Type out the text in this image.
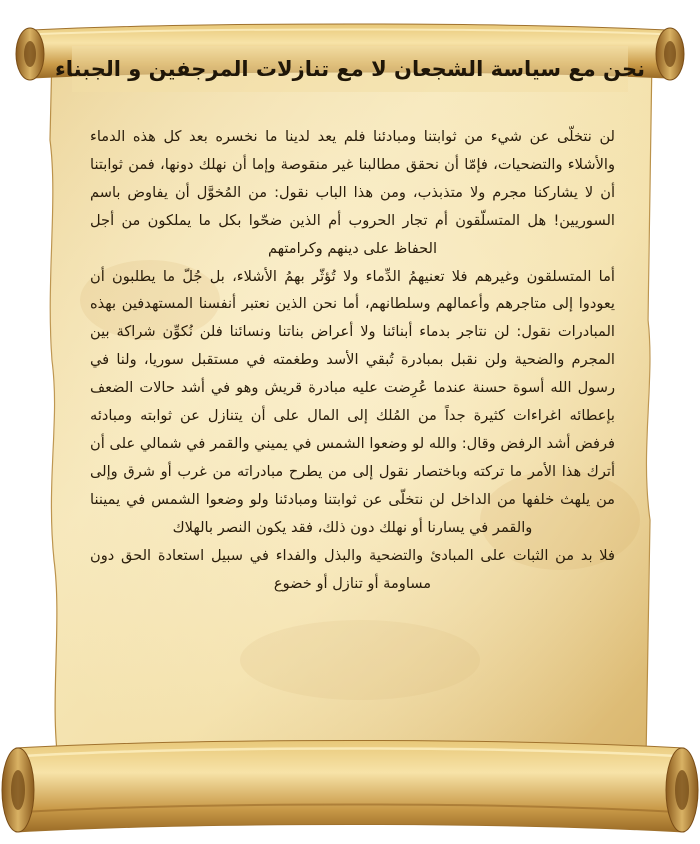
نحن مع سياسة الشجعان لا مع تنازلات المرجفين و الجبناء

لن نتخلّى عن شيء من ثوابتنا ومبادئنا فلم يعد لدينا ما نخسره بعد كل هذه الدماء والأشلاء والتضحيات، فإمّا أن نحقق مطالبنا غير منقوصة وإما أن نهلك دونها، فمن ثوابتنا أن لا يشاركنا مجرم ولا متذبذب، ومن هذا الباب نقول: من المُخوَّل أن يفاوض باسم السوريين! هل المتسلّقون أم تجار الحروب أم الذين ضحّوا بكل ما يملكون من أجل الحفاظ على دينهم وكرامتهم

أما المتسلقون وغيرهم فلا تعنيهمُ الدِّماء ولا تُؤثّر بهمُ الأشلاء، بل جُلّ ما يطلبون أن يعودوا إلى متاجرهم وأعمالهم وسلطانهم، أما نحن الذين نعتبر أنفسنا المستهدفين بهذه المبادرات نقول: لن نتاجر بدماء أبنائنا ولا أعراض بناتنا ونسائنا فلن نُكوِّن شراكة بين المجرم والضحية ولن نقبل بمبادرة تُبقي الأسد وطغمته في مستقبل سوريا، ولنا في رسول الله أسوة حسنة عندما عُرِضت عليه مبادرة قريش وهو في أشد حالات الضعف بإعطائه اغراءات كثيرة جداً من المُلك إلى المال على أن يتنازل عن ثوابته ومبادئه فرفض أشد الرفض وقال: والله لو وضعوا الشمس في يميني والقمر في شمالي على أن أترك هذا الأمر ما تركته وباختصار نقول إلى من يطرح مبادراته من غرب أو شرق وإلى من يلهث خلفها من الداخل لن نتخلّى عن ثوابتنا ومبادئنا ولو وضعوا الشمس في يميننا والقمر في يسارنا أو نهلك دون ذلك، فقد يكون النصر بالهلاك

فلا بد من الثبات على المبادئ والتضحية والبذل والفداء في سبيل استعادة الحق دون مساومة أو تنازل أو خضوع
